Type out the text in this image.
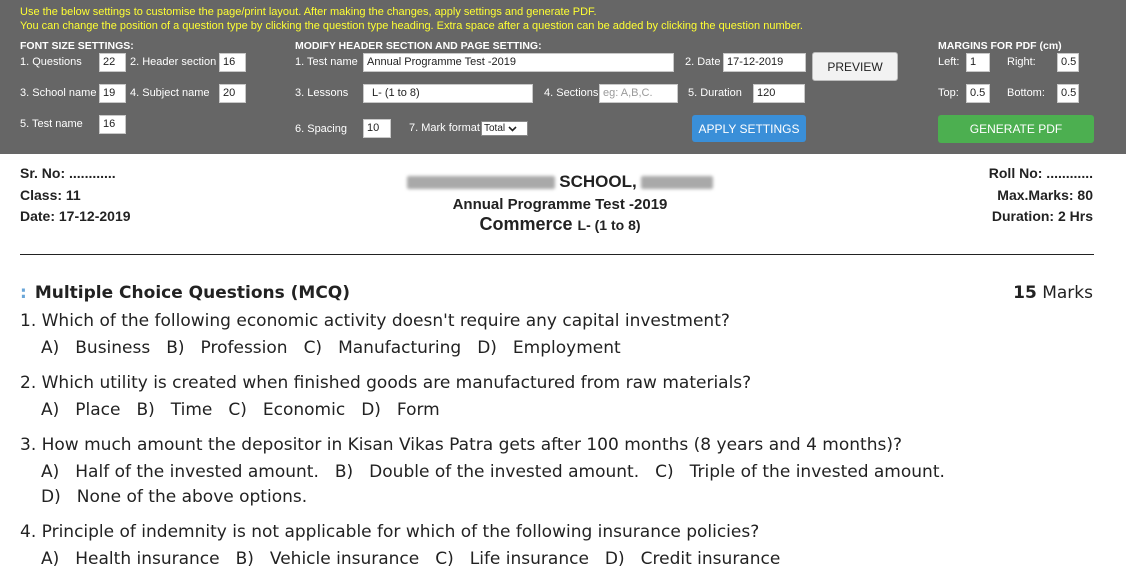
Use the below settings to customise the page/print layout. After making the changes, apply settings and generate PDF.
You can change the position of a question type by clicking the question type heading. Extra space after a question can be added by clicking the question number.
FONT SIZE SETTINGS:	MODIFY HEADER SECTION AND PAGE SETTING:	MARGINS FOR PDF (cm)
1. Questions	22	2. Header section 16	1. Test name Annual Programme Test -2019	2. Date 17-12-2019	PREVIEW	Left: 1	Right:	0.5
3. School name 19	4. Subject name	20	3. Lessons	L- (1 to 8)	4. Sections eg: A,B,C.	5. Duration	120	Top:	0.5	Bottom:	0.5
5. Test name	16	6. Spacing	10	7. Mark format Total	APPLY SETTINGS	GENERATE PDF
Sr. No: ............
Class: 11
Date: 17-12-2019
SCHOOL,
Annual Programme Test -2019
Commerce L- (1 to 8)
Roll No: ............
Max.Marks: 80
Duration: 2 Hrs
: Multiple Choice Questions (MCQ)	15 Marks
1. Which of the following economic activity doesn't require any capital investment?
A) Business B) Profession C) Manufacturing D) Employment
2. Which utility is created when finished goods are manufactured from raw materials?
A) Place B) Time C) Economic D) Form
3. How much amount the depositor in Kisan Vikas Patra gets after 100 months (8 years and 4 months)?
A) Half of the invested amount. B) Double of the invested amount. C) Triple of the invested amount.
D) None of the above options.
4. Principle of indemnity is not applicable for which of the following insurance policies?
A) Health insurance B) Vehicle insurance C) Life insurance D) Credit insurance
